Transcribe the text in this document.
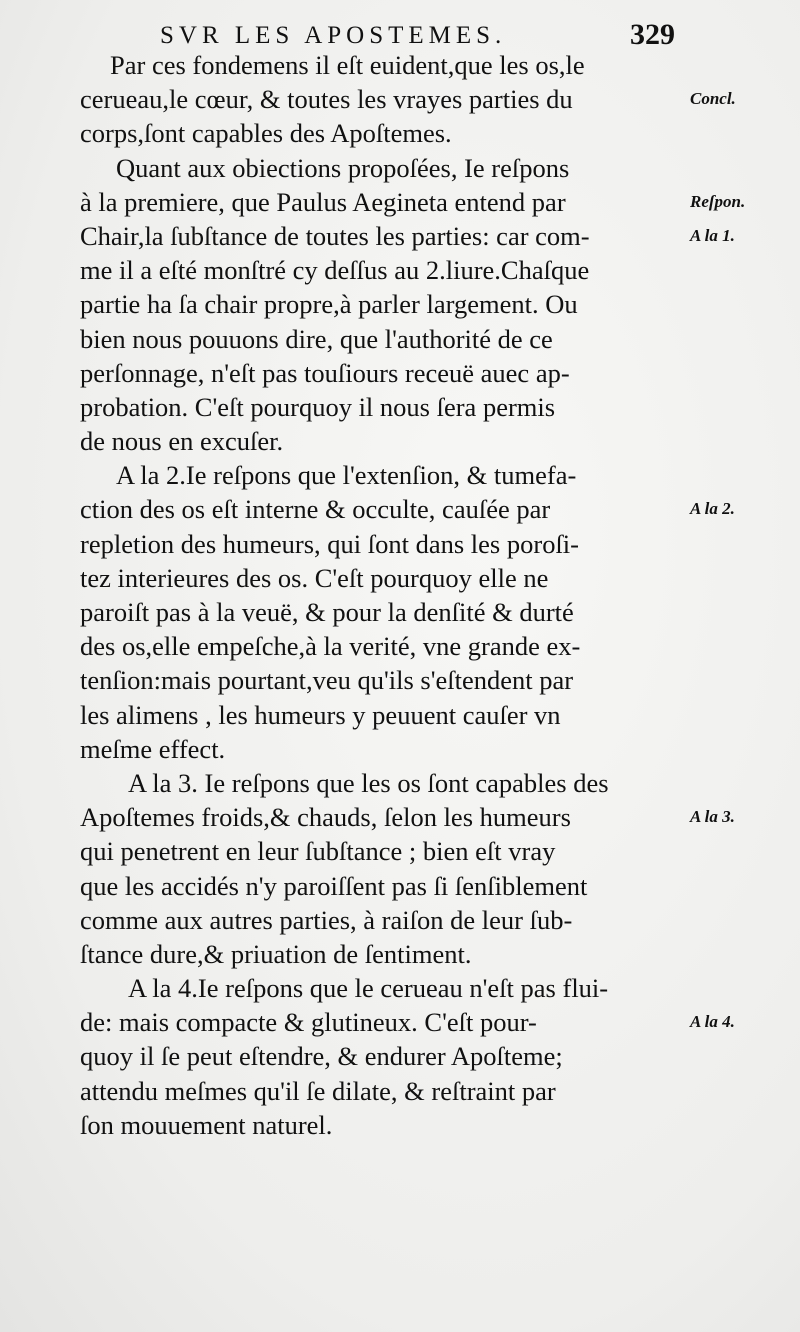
SVR LES APOSTEMES.	329
Par ces fondemens il eſt euident,que les os,le
cerueau,le cœur, & toutes les vrayes parties du	Concl.
corps,ſont capables des Apoſtemes.
Quant aux obiections propoſées, Ie reſpons
à la premiere, que Paulus Aegineta entend par	Reſpon.
Chair,la ſubſtance de toutes les parties: car com-	A la 1.
me il a eſté monſtré cy deſſus au 2.liure.Chaſque
partie ha ſa chair propre,à parler largement. Ou
bien nous pouuons dire, que l'authorité de ce
perſonnage, n'eſt pas touſiours receuë auec ap-
probation. C'eſt pourquoy il nous ſera permis
de nous en excuſer.
A la 2.Ie reſpons que l'extenſion, & tumefa-
ction des os eſt interne & occulte, cauſée par	A la 2.
repletion des humeurs, qui ſont dans les poroſi-
tez interieures des os. C'eſt pourquoy elle ne
paroiſt pas à la veuë, & pour la denſité & durté
des os,elle empeſche,à la verité, vne grande ex-
tenſion:mais pourtant,veu qu'ils s'eſtendent par
les alimens , les humeurs y peuuent cauſer vn
meſme effect.
A la 3. Ie reſpons que les os ſont capables des
Apoſtemes froids,& chauds, ſelon les humeurs	A la 3.
qui penetrent en leur ſubſtance ; bien eſt vray
que les accidés n'y paroiſſent pas ſi ſenſiblement
comme aux autres parties, à raiſon de leur ſub-
ſtance dure,& priuation de ſentiment.
A la 4.Ie reſpons que le cerueau n'eſt pas flui-
de: mais compacte & glutineux. C'eſt pour-	A la 4.
quoy il ſe peut eſtendre, & endurer Apoſteme;
attendu meſmes qu'il ſe dilate, & reſtraint par
ſon mouuement naturel.
